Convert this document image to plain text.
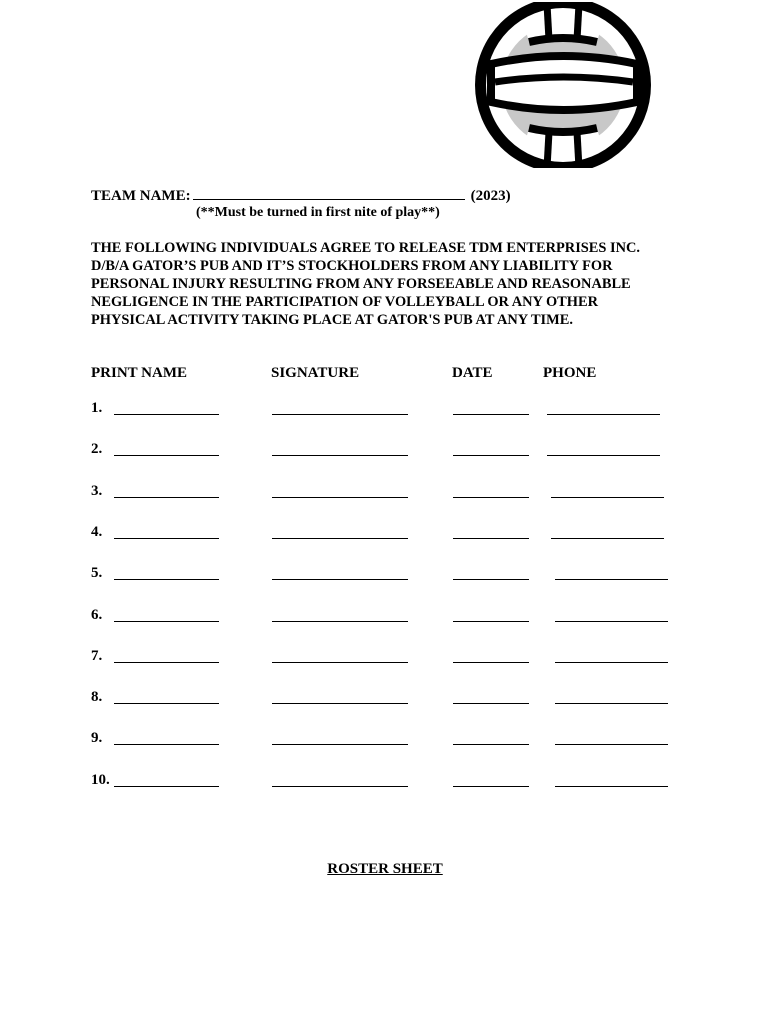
TEAM NAME:	(2023)
(**Must be turned in first nite of play**)
THE FOLLOWING INDIVIDUALS AGREE TO RELEASE TDM ENTERPRISES INC.
D/B/A GATOR’S PUB AND IT’S STOCKHOLDERS FROM ANY LIABILITY FOR
PERSONAL INJURY RESULTING FROM ANY FORSEEABLE AND REASONABLE
NEGLIGENCE IN THE PARTICIPATION OF VOLLEYBALL OR ANY OTHER
PHYSICAL ACTIVITY TAKING PLACE AT GATOR'S PUB AT ANY TIME.
PRINT NAME	SIGNATURE	DATE	PHONE
1.
2.
3.
4.
5.
6.
7.
8.
9.
10.
ROSTER SHEET
